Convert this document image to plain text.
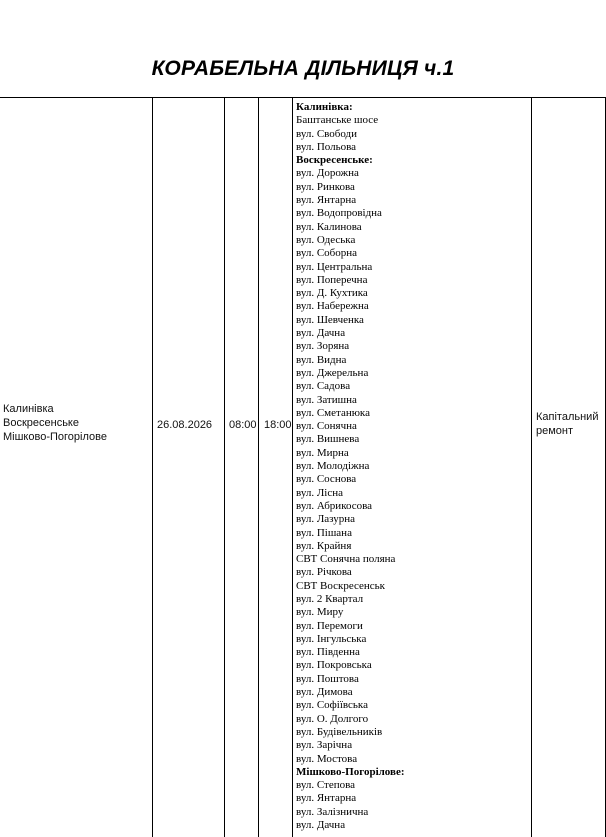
КОРАБЕЛЬНА ДІЛЬНИЦЯ ч.1
Калинівка
Воскресенське
Мішково-Погорілове
26.08.2026 08:00 18:00
Калинівка:
Баштанське шосе
вул. Свободи
вул. Польова
Воскресенське:
вул. Дорожна
вул. Ринкова
вул. Янтарна
вул. Водопровідна
вул. Калинова
вул. Одеська
вул. Соборна
вул. Центральна
вул. Поперечна
вул. Д. Кухтика
вул. Набережна
вул. Шевченка
вул. Дачна
вул. Зоряна
вул. Видна
вул. Джерельна
вул. Садова
вул. Затишна
вул. Сметанюка
вул. Сонячна
вул. Вишнева
вул. Мирна
вул. Молодіжна
вул. Соснова
вул. Лісна
вул. Абрикосова
вул. Лазурна
вул. Пішана
вул. Крайня
СВТ Сонячна поляна
вул. Річкова
СВТ Воскресенськ
вул. 2 Квартал
вул. Миру
вул. Перемоги
вул. Інгульська
вул. Південна
вул. Покровська
вул. Поштова
вул. Димова
вул. Софіївська
вул. О. Долгого
вул. Будівельників
вул. Зарічна
вул. Мостова
Мішково-Погорілове:
вул. Степова
вул. Янтарна
вул. Залізнична
вул. Дачна
Капітальний
ремонт
